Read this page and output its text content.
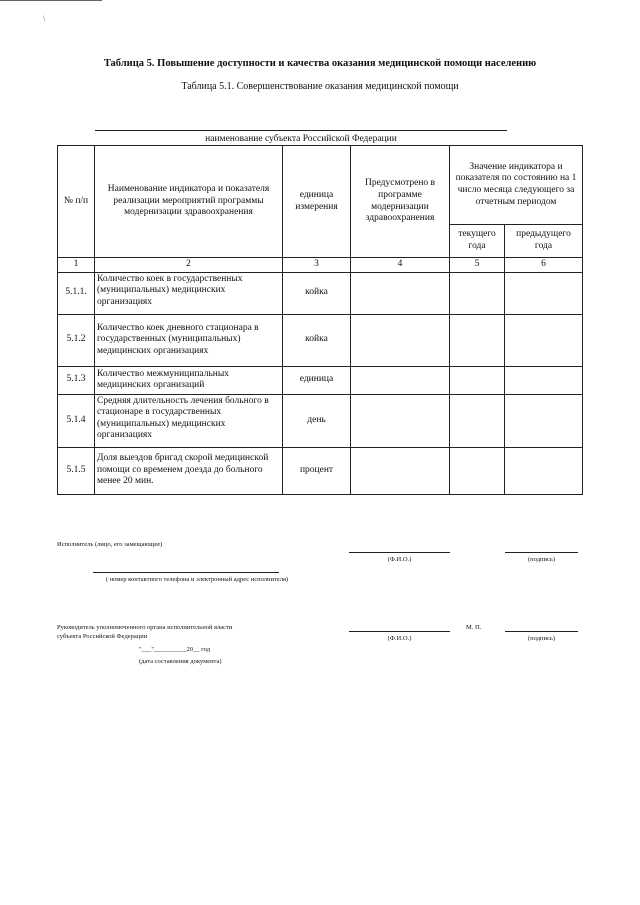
\
Таблица 5. Повышение доступности и качества оказания медицинской помощи населению
Таблица 5.1. Совершенствование оказания медицинской помощи
наименование субъекта Российской Федерации
№ п/п	Наименование индикатора и показателя реализации мероприятий программы модернизации здравоохранения	единица измерения	Предусмотрено в программе модернизации здравоохранения	Значение индикатора и показателя по состоянию на 1 число месяца следующего за отчетным периодом	
				текущего года	предыдущего года
1	2	3	4	5	6
5.1.1.	Количество коек в государственных (муниципальных) медицинских организациях	койка			
5.1.2	Количество коек дневного стационара в государственных (муниципальных) медицинских организациях	койка			
5.1.3	Количество межмуниципальных медицинских организаций	единица			
5.1.4	Средняя длительность лечения больного в стационаре в государственных (муниципальных) медицинских организациях	день			
5.1.5	Доля выездов бригад скорой медицинской помощи со временем доезда до больного менее 20 мин.	процент			
Исполнитель (лицо, его замещающее)
(Ф.И.О.)	(подпись)
( номер контактного телефона и электронный адрес исполнителя)
Руководитель уполномоченного органа исполнительной власти
субъекта Российской Федерации	(Ф.И.О.)
М. П.
(подпись)
"___"__________20__ год
(дата составления документа)
